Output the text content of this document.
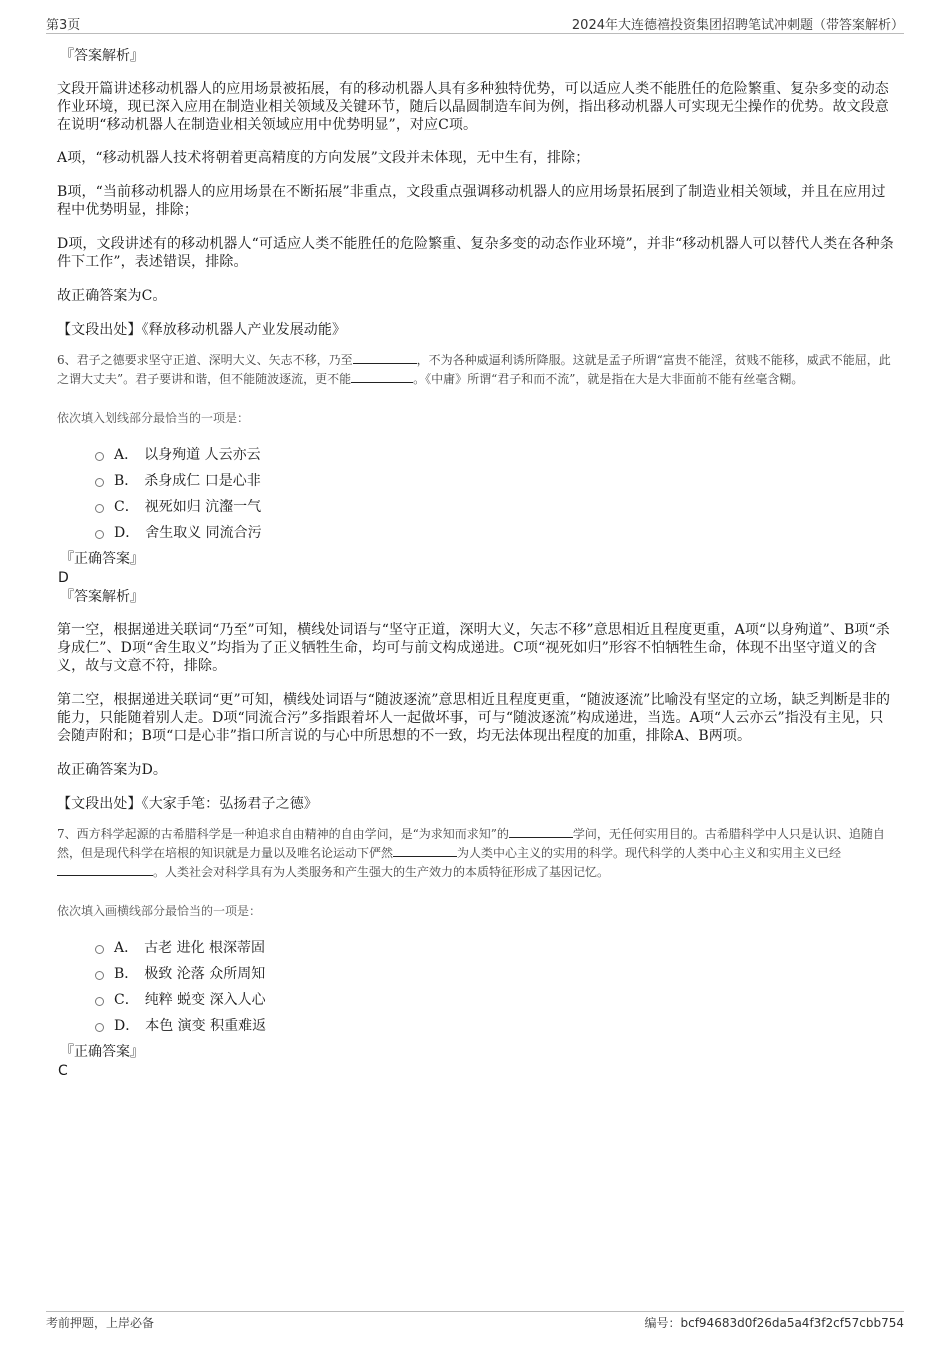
第3页	2024年大连德禧投资集团招聘笔试冲刺题（带答案解析）
『答案解析』
文段开篇讲述移动机器人的应用场景被拓展，有的移动机器人具有多种独特优势，可以适应人类不能胜任的危险繁重、复杂多变的动态作业环境，现已深入应用在制造业相关领域及关键环节，随后以晶圆制造车间为例，指出移动机器人可实现无尘操作的优势。故文段意在说明“移动机器人在制造业相关领域应用中优势明显”，对应C项。
A项，“移动机器人技术将朝着更高精度的方向发展”文段并未体现，无中生有，排除；
B项，“当前移动机器人的应用场景在不断拓展”非重点，文段重点强调移动机器人的应用场景拓展到了制造业相关领域，并且在应用过程中优势明显，排除；
D项，文段讲述有的移动机器人“可适应人类不能胜任的危险繁重、复杂多变的动态作业环境”，并非“移动机器人可以替代人类在各种条件下工作”，表述错误，排除。
故正确答案为C。
【文段出处】《释放移动机器人产业发展动能》
6、君子之德要求坚守正道、深明大义、矢志不移，乃至	，不为各种威逼利诱所降服。这就是孟子所谓“富贵不能淫，贫贱不能移，威武不能屈，此之谓大丈夫”。君子要讲和谐，但不能随波逐流，更不能	。《中庸》所谓“君子和而不流”，就是指在大是大非面前不能有丝毫含糊。
依次填入划线部分最恰当的一项是：
A． 以身殉道 人云亦云
B． 杀身成仁 口是心非
C． 视死如归 沆瀣一气
D． 舍生取义 同流合污
『正确答案』
D
『答案解析』
第一空，根据递进关联词“乃至”可知，横线处词语与“坚守正道，深明大义，矢志不移”意思相近且程度更重，A项“以身殉道”、B项“杀身成仁”、D项“舍生取义”均指为了正义牺牲生命，均可与前文构成递进。C项“视死如归”形容不怕牺牲生命，体现不出坚守道义的含义，故与文意不符，排除。
第二空，根据递进关联词“更”可知，横线处词语与“随波逐流”意思相近且程度更重，“随波逐流”比喻没有坚定的立场，缺乏判断是非的能力，只能随着别人走。D项“同流合污”多指跟着坏人一起做坏事，可与“随波逐流”构成递进，当选。A项“人云亦云”指没有主见，只会随声附和；B项“口是心非”指口所言说的与心中所思想的不一致，均无法体现出程度的加重，排除A、B两项。
故正确答案为D。
【文段出处】《大家手笔：弘扬君子之德》
7、西方科学起源的古希腊科学是一种追求自由精神的自由学问，是“为求知而求知”的	学问，无任何实用目的。古希腊科学中人只是认识、追随自然，但是现代科学在培根的知识就是力量以及唯名论运动下俨然	为人类中心主义的实用的科学。现代科学的人类中心主义和实用主义已经。人类社会对科学具有为人类服务和产生强大的生产效力的本质特征形成了基因记忆。
依次填入画横线部分最恰当的一项是：
A． 古老 进化 根深蒂固
B． 极致 沦落 众所周知
C． 纯粹 蜕变 深入人心
D． 本色 演变 积重难返
『正确答案』
C
考前押题，上岸必备	编号：bcf94683d0f26da5a4f3f2cf57cbb754
